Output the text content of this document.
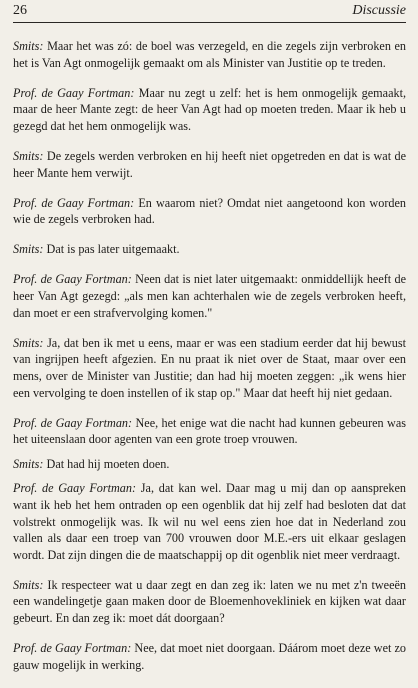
26	Discussie

Smits: Maar het was zó: de boel was verzegeld, en die zegels zijn verbroken en het is Van Agt onmogelijk gemaakt om als Minister van Justitie op te treden.

Prof. de Gaay Fortman: Maar nu zegt u zelf: het is hem onmogelijk gemaakt, maar de heer Mante zegt: de heer Van Agt had op moeten treden. Maar ik heb u gezegd dat het hem onmogelijk was.

Smits: De zegels werden verbroken en hij heeft niet opgetreden en dat is wat de heer Mante hem verwijt.

Prof. de Gaay Fortman: En waarom niet? Omdat niet aangetoond kon worden wie de zegels verbroken had.

Smits: Dat is pas later uitgemaakt.

Prof. de Gaay Fortman: Neen dat is niet later uitgemaakt: onmiddellijk heeft de heer Van Agt gezegd: „als men kan achterhalen wie de zegels verbroken heeft, dan moet er een strafvervolging komen."

Smits: Ja, dat ben ik met u eens, maar er was een stadium eerder dat hij bewust van ingrijpen heeft afgezien. En nu praat ik niet over de Staat, maar over een mens, over de Minister van Justitie; dan had hij moeten zeggen: „ik wens hier een vervolging te doen instellen of ik stap op." Maar dat heeft hij niet gedaan.

Prof. de Gaay Fortman: Nee, het enige wat die nacht had kunnen gebeuren was het uiteenslaan door agenten van een grote troep vrouwen.

Smits: Dat had hij moeten doen.

Prof. de Gaay Fortman: Ja, dat kan wel. Daar mag u mij dan op aanspreken want ik heb het hem ontraden op een ogenblik dat hij zelf had besloten dat dat volstrekt onmogelijk was. Ik wil nu wel eens zien hoe dat in Nederland zou vallen als daar een troep van 700 vrouwen door M.E.-ers uit elkaar geslagen wordt. Dat zijn dingen die de maatschappij op dit ogenblik niet meer verdraagt.

Smits: Ik respecteer wat u daar zegt en dan zeg ik: laten we nu met z'n tweeën een wandelingetje gaan maken door de Bloemenhovekliniek en kijken wat daar gebeurt. En dan zeg ik: moet dát doorgaan?

Prof. de Gaay Fortman: Nee, dat moet niet doorgaan. Dáárom moet deze wet zo gauw mogelijk in werking.
